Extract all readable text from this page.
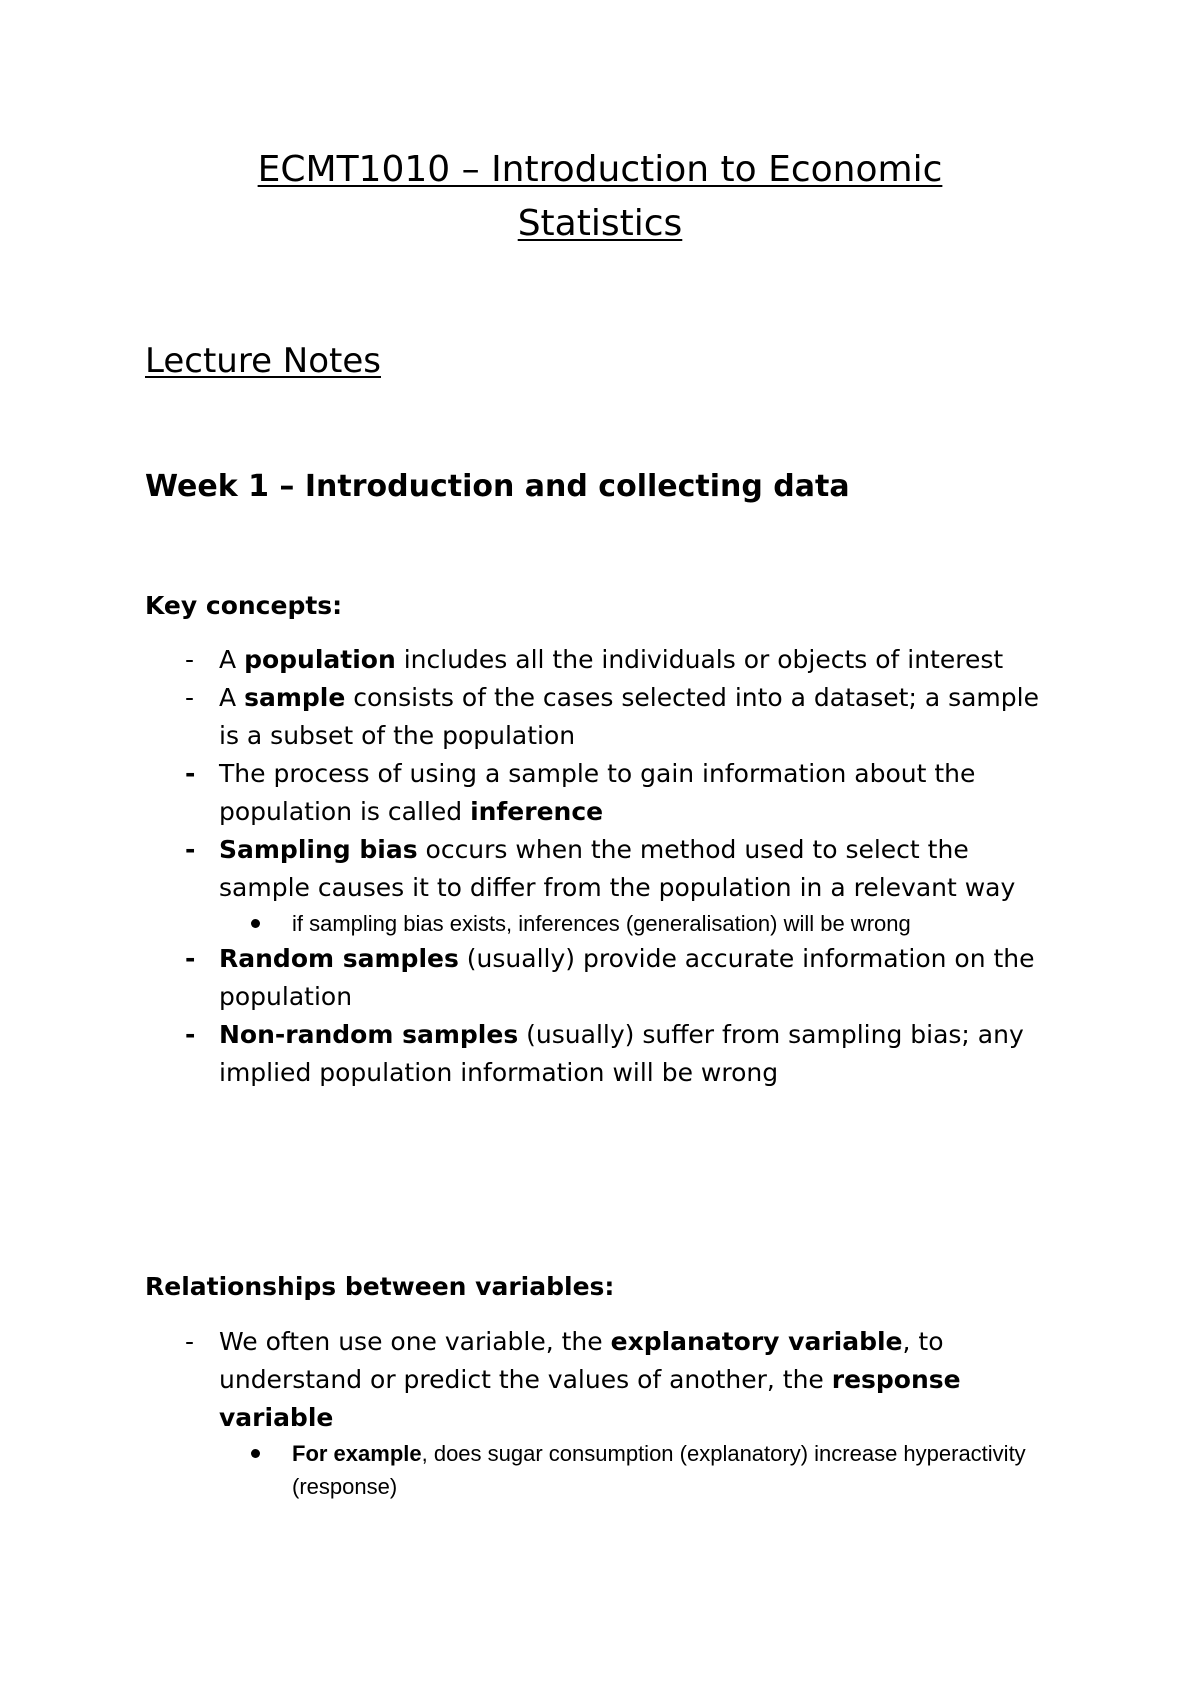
ECMT1010 – Introduction to Economic
Statistics
Lecture Notes
Week 1 – Introduction and collecting data
Key concepts:
- A population includes all the individuals or objects of interest
- A sample consists of the cases selected into a dataset; a sample is a subset of the population
- The process of using a sample to gain information about the population is called inference
- Sampling bias occurs when the method used to select the sample causes it to differ from the population in a relevant way
if sampling bias exists, inferences (generalisation) will be wrong
- Random samples (usually) provide accurate information on the population
- Non-random samples (usually) suffer from sampling bias; any implied population information will be wrong
Relationships between variables:
- We often use one variable, the explanatory variable, to understand or predict the values of another, the response variable
For example, does sugar consumption (explanatory) increase hyperactivity (response)
